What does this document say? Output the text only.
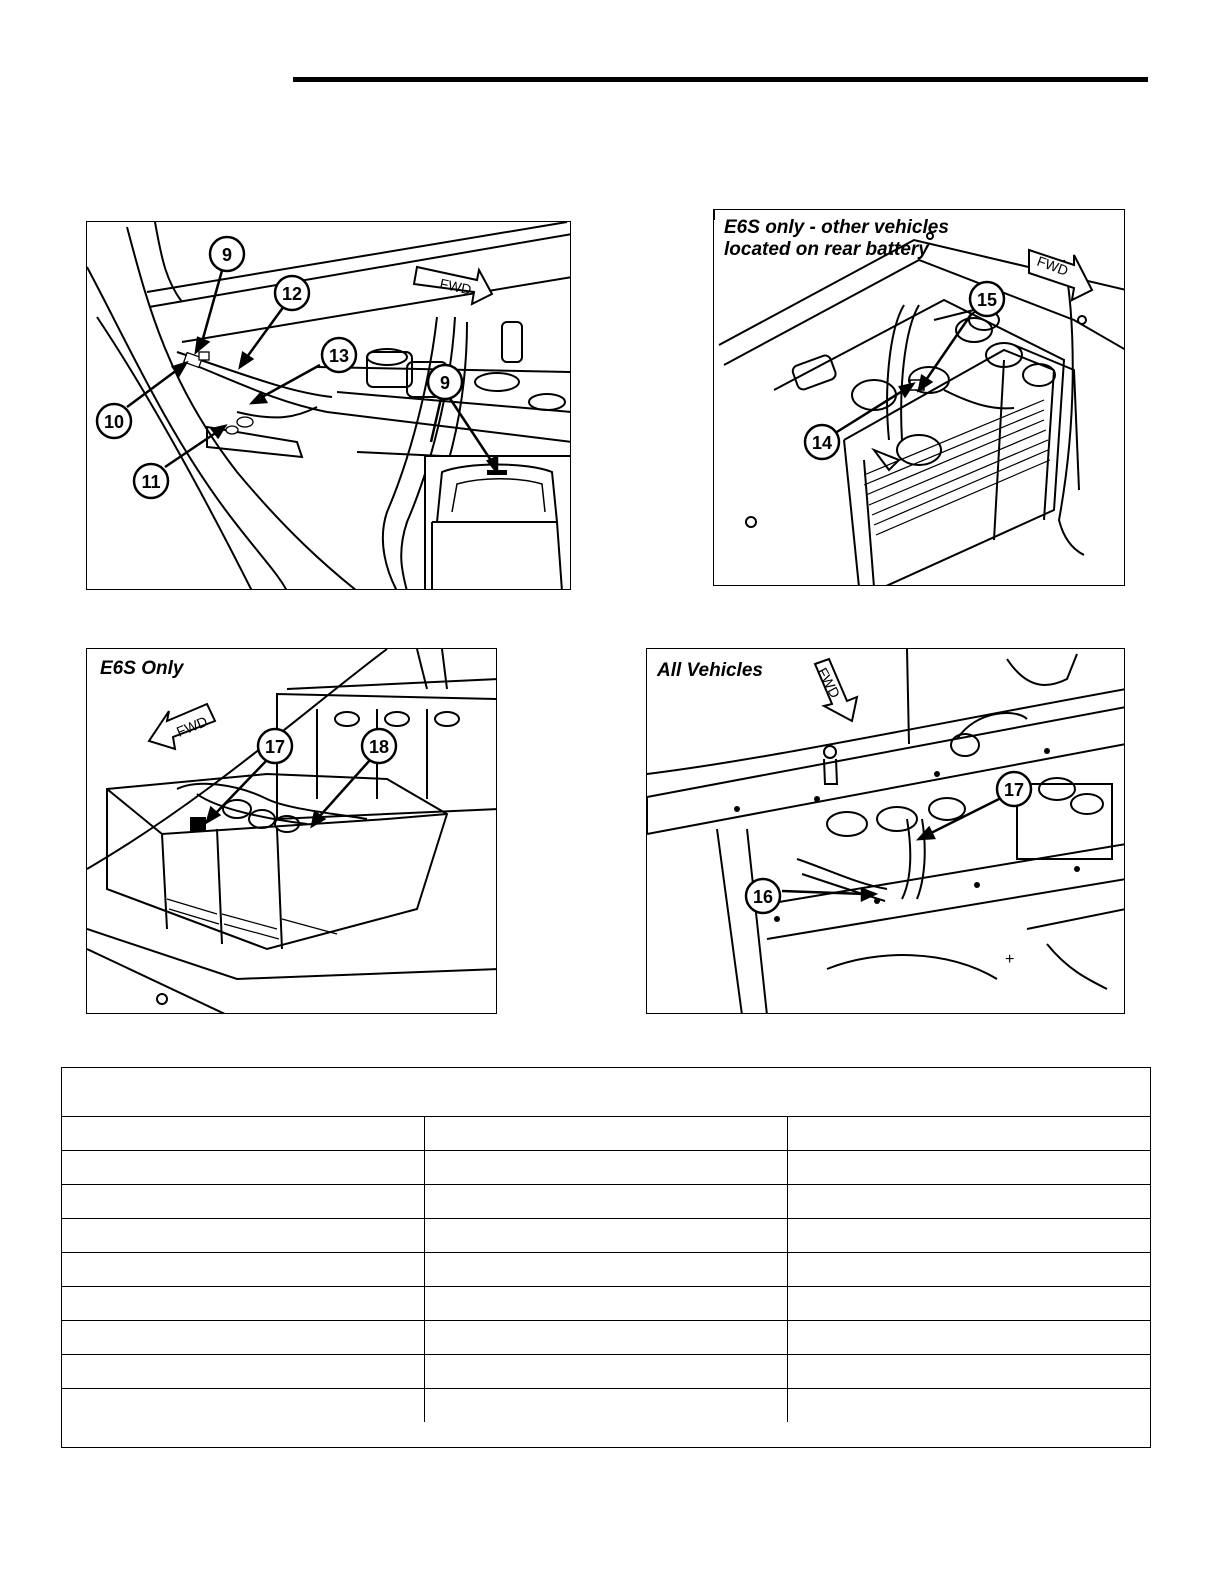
FWD
9
12
13
9
10
11
E6S only - other vehicles
located on rear battery
FWD
15
14
E6S Only
FWD
17	18
All Vehicles
+
FWD
17
16
